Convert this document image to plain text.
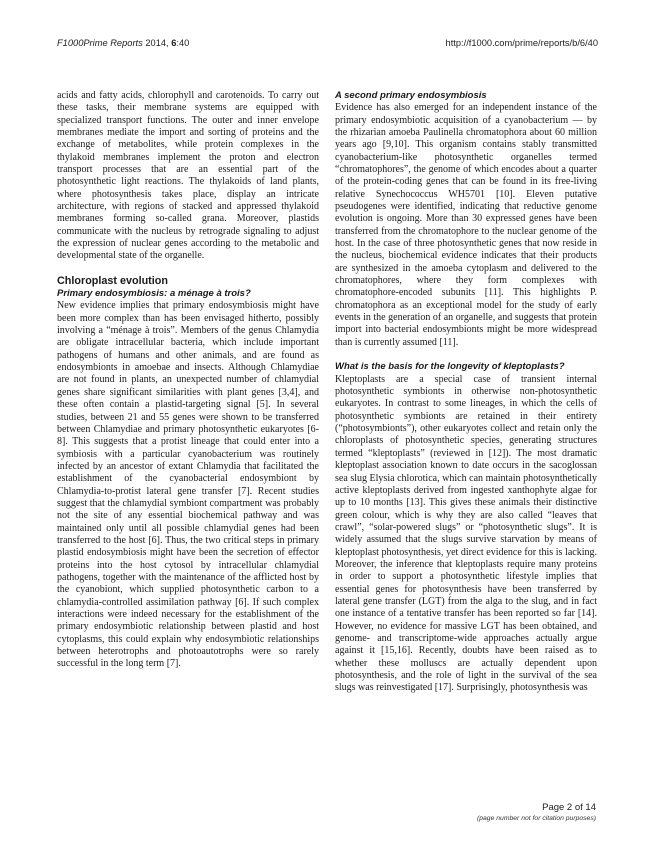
F1000Prime Reports 2014, 6:40	http://f1000.com/prime/reports/b/6/40

acids and fatty acids, chlorophyll and carotenoids. To carry out these tasks, their membrane systems are equipped with specialized transport functions. The outer and inner envelope membranes mediate the import and sorting of proteins and the exchange of metabolites, while protein complexes in the thylakoid membranes implement the proton and electron transport processes that are an essential part of the photosynthetic light reactions. The thylakoids of land plants, where photosynthesis takes place, display an intricate architecture, with regions of stacked and appressed thylakoid membranes forming so-called grana. Moreover, plastids communicate with the nucleus by retrograde signaling to adjust the expression of nuclear genes according to the metabolic and developmental state of the organelle.

Chloroplast evolution
Primary endosymbiosis: a ménage à trois?

New evidence implies that primary endosymbiosis might have been more complex than has been envisaged hitherto, possibly involving a “ménage à trois”. Members of the genus Chlamydia are obligate intracellular bacteria, which include important pathogens of humans and other animals, and are found as endosymbionts in amoebae and insects. Although Chlamydiae are not found in plants, an unexpected number of chlamydial genes share significant similarities with plant genes [3,4], and these often contain a plastid-targeting signal [5]. In several studies, between 21 and 55 genes were shown to be transferred between Chlamydiae and primary photosynthetic eukaryotes [6-8]. This suggests that a protist lineage that could enter into a symbiosis with a particular cyanobacterium was routinely infected by an ancestor of extant Chlamydia that facilitated the establishment of the cyanobacterial endosymbiont by Chlamydia-to-protist lateral gene transfer [7]. Recent studies suggest that the chlamydial symbiont compartment was probably not the site of any essential biochemical pathway and was maintained only until all possible chlamydial genes had been transferred to the host [6]. Thus, the two critical steps in primary plastid endosymbiosis might have been the secretion of effector proteins into the host cytosol by intracellular chlamydial pathogens, together with the maintenance of the afflicted host by the cyanobiont, which supplied photosynthetic carbon to a chlamydia-controlled assimilation pathway [6]. If such complex interactions were indeed necessary for the establishment of the primary endosymbiotic relationship between plastid and host cytoplasms, this could explain why endosymbiotic relationships between heterotrophs and photoautotrophs were so rarely successful in the long term [7].

A second primary endosymbiosis

Evidence has also emerged for an independent instance of the primary endosymbiotic acquisition of a cyanobacterium — by the rhizarian amoeba Paulinella chromatophora about 60 million years ago [9,10]. This organism contains stably transmitted cyanobacterium-like photosynthetic organelles termed “chromatophores”, the genome of which encodes about a quarter of the protein-coding genes that can be found in its free-living relative Synechococcus WH5701 [10]. Eleven putative pseudogenes were identified, indicating that reductive genome evolution is ongoing. More than 30 expressed genes have been transferred from the chromatophore to the nuclear genome of the host. In the case of three photosynthetic genes that now reside in the nucleus, biochemical evidence indicates that their products are synthesized in the amoeba cytoplasm and delivered to the chromatophores, where they form complexes with chromatophore-encoded subunits [11]. This highlights P. chromatophora as an exceptional model for the study of early events in the generation of an organelle, and suggests that protein import into bacterial endosymbionts might be more widespread than is currently assumed [11].

What is the basis for the longevity of kleptoplasts?

Kleptoplasts are a special case of transient internal photosynthetic symbionts in otherwise non-photosynthetic eukaryotes. In contrast to some lineages, in which the cells of photosynthetic symbionts are retained in their entirety (“photosymbionts”), other eukaryotes collect and retain only the chloroplasts of photosynthetic species, generating structures termed “kleptoplasts” (reviewed in [12]). The most dramatic kleptoplast association known to date occurs in the sacoglossan sea slug Elysia chlorotica, which can maintain photosynthetically active kleptoplasts derived from ingested xanthophyte algae for up to 10 months [13]. This gives these animals their distinctive green colour, which is why they are also called “leaves that crawl”, “solar-powered slugs” or “photosynthetic slugs”. It is widely assumed that the slugs survive starvation by means of kleptoplast photosynthesis, yet direct evidence for this is lacking. Moreover, the inference that kleptoplasts require many proteins in order to support a photosynthetic lifestyle implies that essential genes for photosynthesis have been transferred by lateral gene transfer (LGT) from the alga to the slug, and in fact one instance of a tentative transfer has been reported so far [14]. However, no evidence for massive LGT has been obtained, and genome- and transcriptome-wide approaches actually argue against it [15,16]. Recently, doubts have been raised as to whether these molluscs are actually dependent upon photosynthesis, and the role of light in the survival of the sea slugs was reinvestigated [17]. Surprisingly, photosynthesis was

Page 2 of 14
(page number not for citation purposes)
